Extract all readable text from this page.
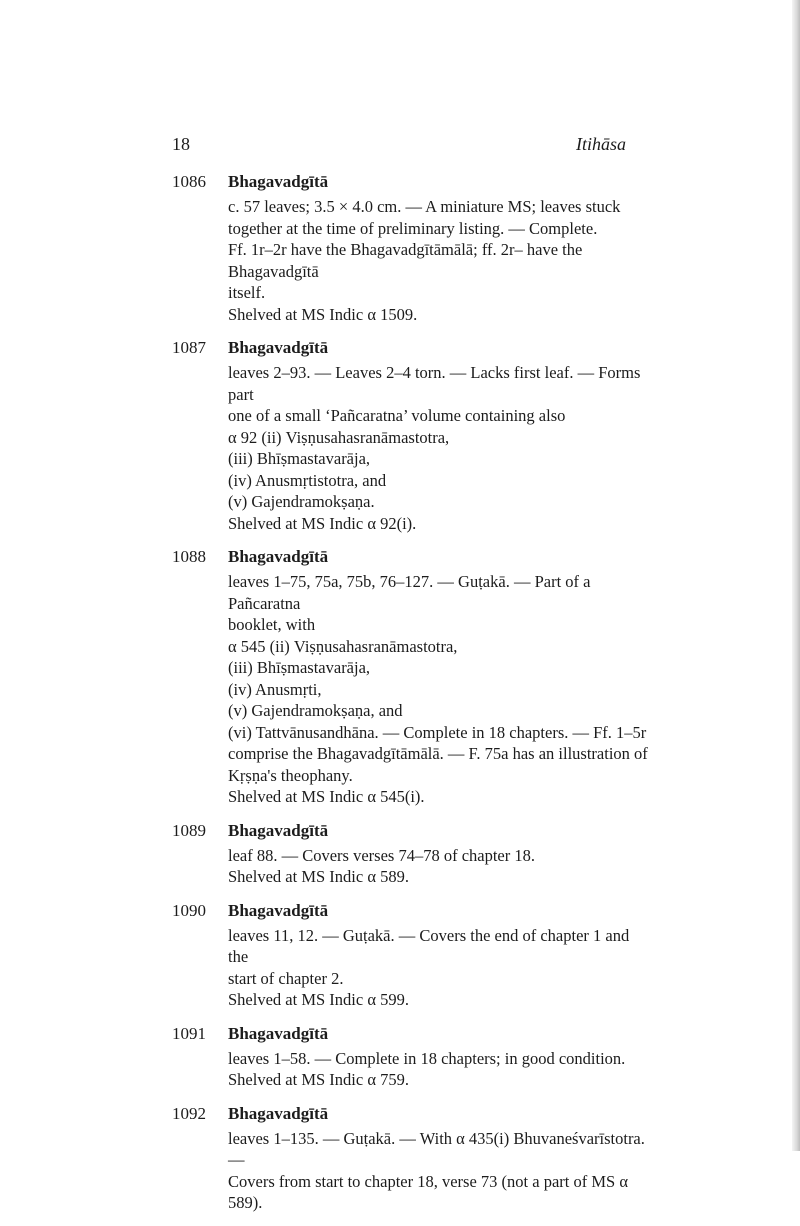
18	Itihāsa
1086 Bhagavadgītā

c. 57 leaves; 3.5 × 4.0 cm. — A miniature MS; leaves stuck

together at the time of preliminary listing. — Complete.

Ff. 1r–2r have the Bhagavadgītāmālā; ff. 2r– have the Bhagavadgītā

itself.

Shelved at MS Indic α 1509.

1087 Bhagavadgītā

leaves 2–93. — Leaves 2–4 torn. — Lacks first leaf. — Forms part

one of a small ‘Pañcaratna’ volume containing also

α 92 (ii) Viṣṇusahasranāmastotra,

(iii) Bhīṣmastavarāja,

(iv) Anusmṛtistotra, and

(v) Gajendramokṣaṇa.

Shelved at MS Indic α 92(i).

1088 Bhagavadgītā

leaves 1–75, 75a, 75b, 76–127. — Guṭakā. — Part of a Pañcaratna

booklet, with

α 545 (ii) Viṣṇusahasranāmastotra,

(iii) Bhīṣmastavarāja,

(iv) Anusmṛti,

(v) Gajendramokṣaṇa, and

(vi) Tattvānusandhāna. — Complete in 18 chapters. — Ff. 1–5r

comprise the Bhagavadgītāmālā. — F. 75a has an illustration of

Kṛṣṇa's theophany.

Shelved at MS Indic α 545(i).

1089 Bhagavadgītā

leaf 88. — Covers verses 74–78 of chapter 18.

Shelved at MS Indic α 589.

1090 Bhagavadgītā

leaves 11, 12. — Guṭakā. — Covers the end of chapter 1 and the

start of chapter 2.

Shelved at MS Indic α 599.

1091 Bhagavadgītā

leaves 1–58. — Complete in 18 chapters; in good condition.

Shelved at MS Indic α 759.

1092 Bhagavadgītā

leaves 1–135. — Guṭakā. — With α 435(i) Bhuvaneśvarīstotra. —

Covers from start to chapter 18, verse 73 (not a part of MS α 589).
